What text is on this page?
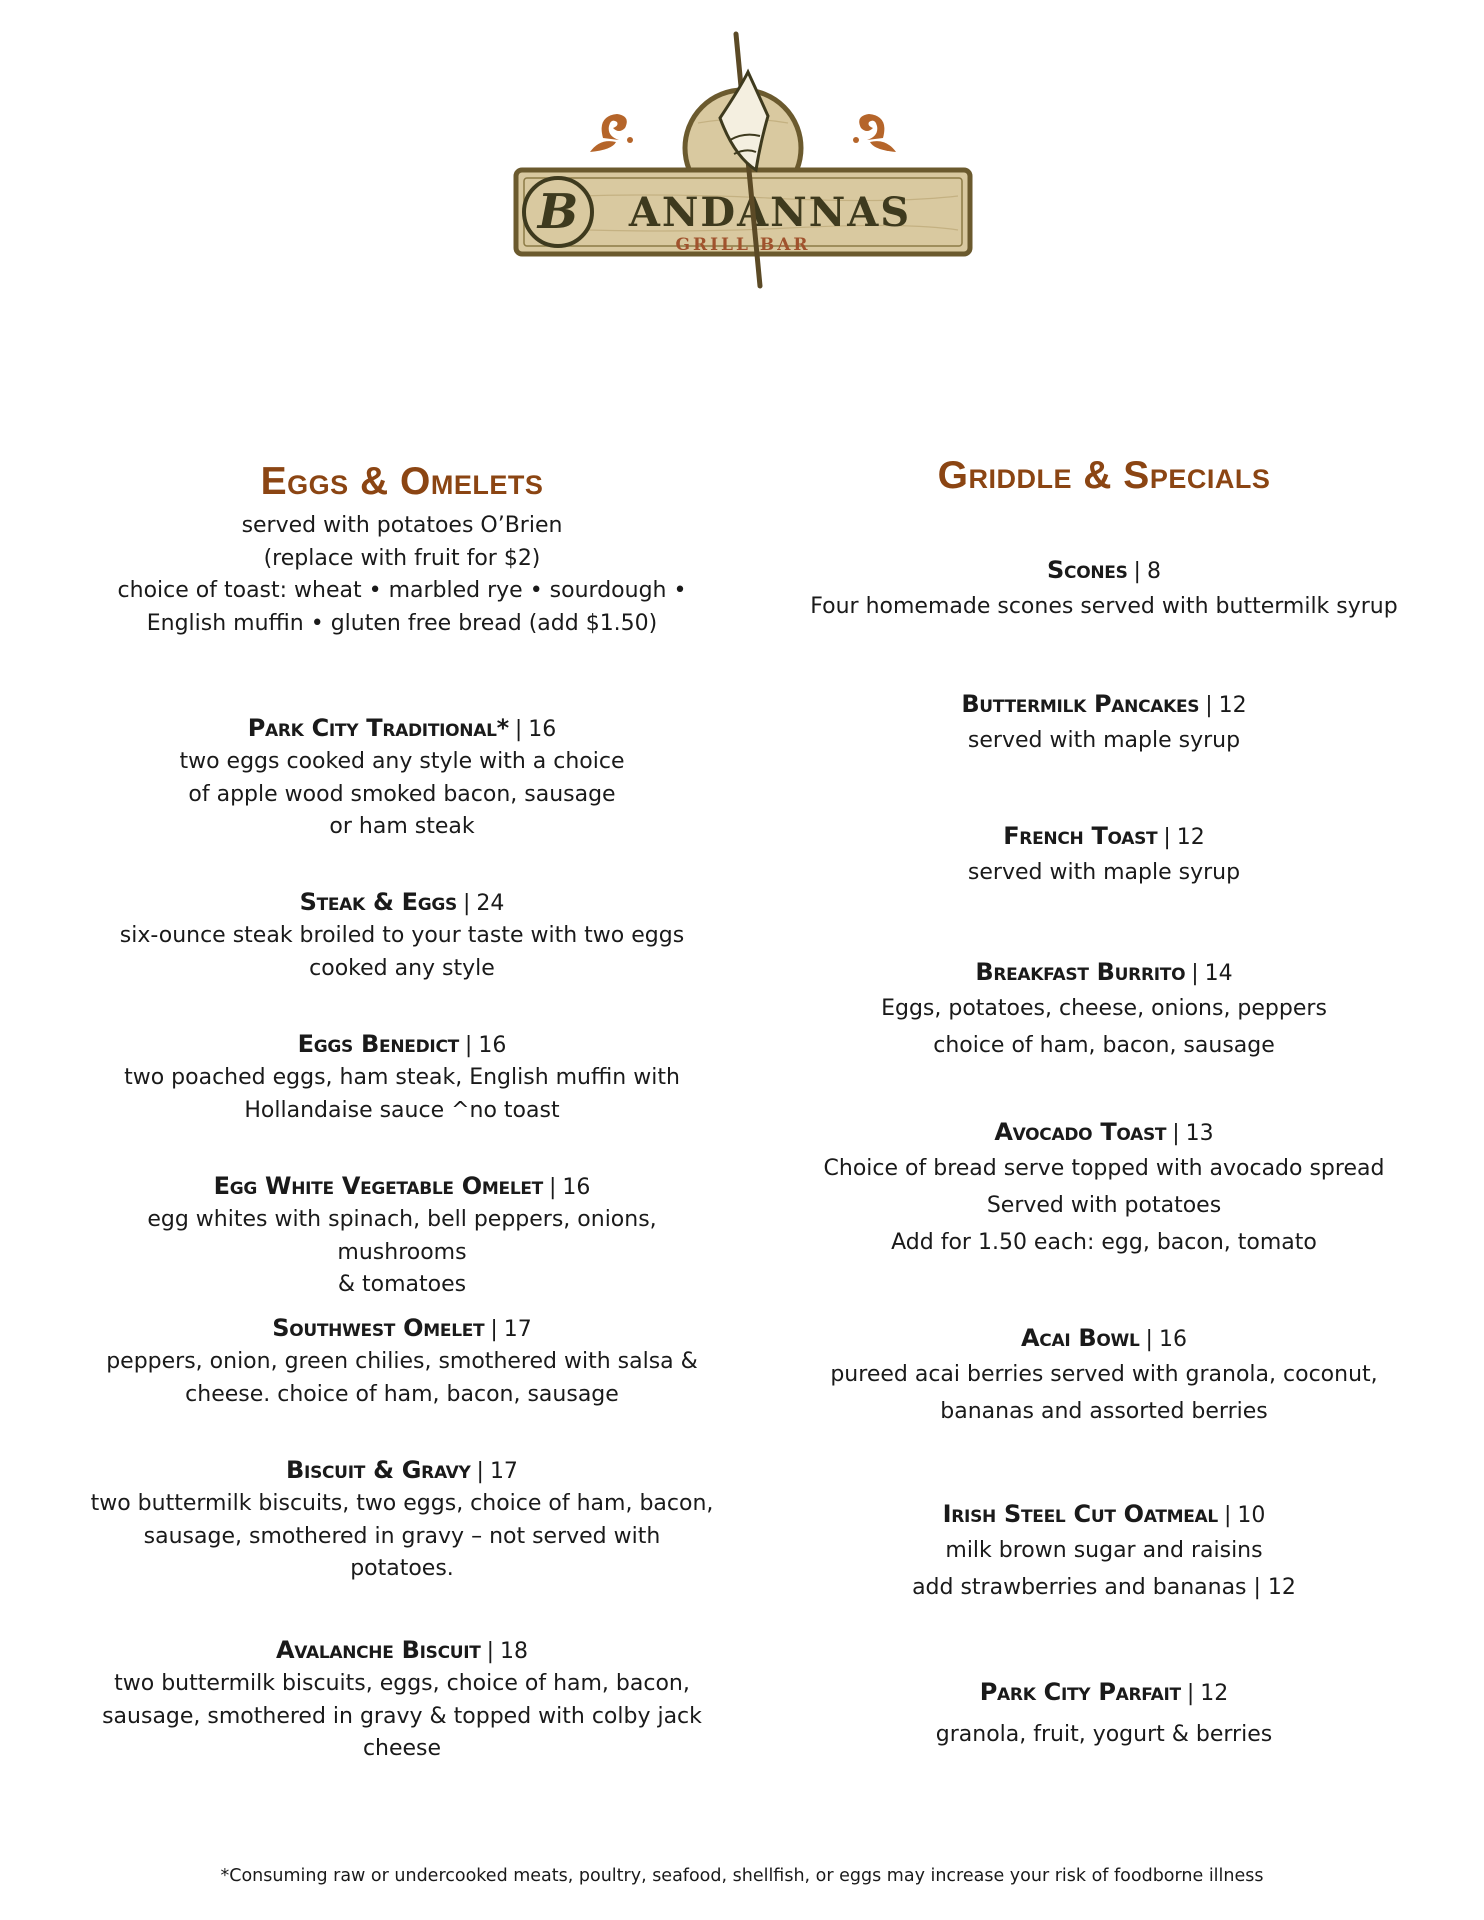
B ANDANNAS
GRILL BAR
Eggs & Omelets

served with potatoes O’Brien

(replace with fruit for $2)

choice of toast: wheat • marbled rye • sourdough •

English muffin • gluten free bread (add $1.50)

Park City Traditional* | 16

two eggs cooked any style with a choice

of apple wood smoked bacon, sausage

or ham steak

Steak & Eggs | 24

six-ounce steak broiled to your taste with two eggs

cooked any style

Eggs Benedict | 16

two poached eggs, ham steak, English muffin with

Hollandaise sauce ^no toast

Egg White Vegetable Omelet | 16

egg whites with spinach, bell peppers, onions, mushrooms

& tomatoes

Southwest Omelet | 17

peppers, onion, green chilies, smothered with salsa &

cheese. choice of ham, bacon, sausage

Biscuit & Gravy | 17

two buttermilk biscuits, two eggs, choice of ham, bacon,

sausage, smothered in gravy – not served with

potatoes.

Avalanche Biscuit | 18

two buttermilk biscuits, eggs, choice of ham, bacon,

sausage, smothered in gravy & topped with colby jack

cheese

Griddle & Specials
Scones | 8

Four homemade scones served with buttermilk syrup

Buttermilk Pancakes | 12

served with maple syrup

French Toast | 12

served with maple syrup

Breakfast Burrito | 14

Eggs, potatoes, cheese, onions, peppers

choice of ham, bacon, sausage

Avocado Toast | 13

Choice of bread serve topped with avocado spread

Served with potatoes

Add for 1.50 each: egg, bacon, tomato

Acai Bowl | 16

pureed acai berries served with granola, coconut,

bananas and assorted berries

Irish Steel Cut Oatmeal | 10

milk brown sugar and raisins

add strawberries and bananas | 12

Park City Parfait | 12

granola, fruit, yogurt & berries

*Consuming raw or undercooked meats, poultry, seafood, shellfish, or eggs may increase your risk of foodborne illness
